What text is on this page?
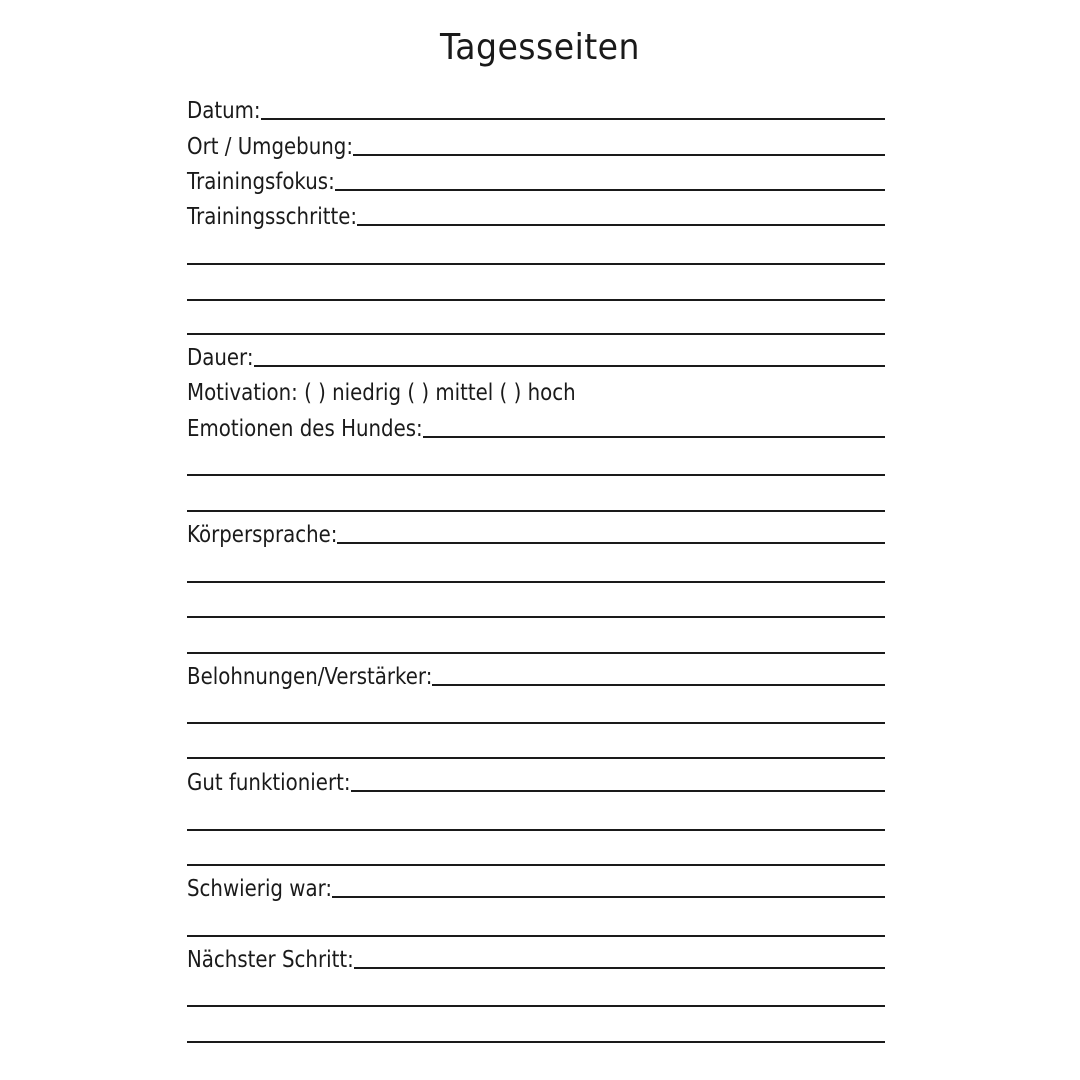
Tagesseiten
Datum:
Ort / Umgebung:
Trainingsfokus:
Trainingsschritte:
Dauer:
Motivation: ( ) niedrig ( ) mittel ( ) hoch
Emotionen des Hundes:
Körpersprache:
Belohnungen/Verstärker:
Gut funktioniert:
Schwierig war:
Nächster Schritt:
